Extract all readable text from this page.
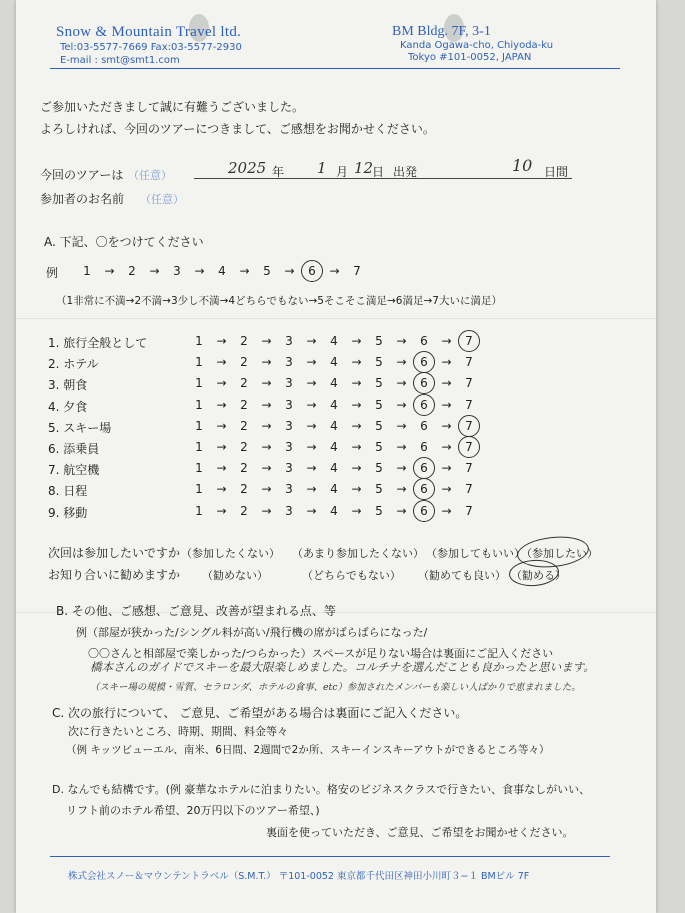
Snow & Mountain Travel ltd.
Tel:03-5577-7669 Fax:03-5577-2930
E-mail : smt@smt1.com
BM Bldg. 7F, 3-1
Kanda Ogawa-cho, Chiyoda-ku
Tokyo #101-0052, JAPAN
ご参加いただきまして誠に有難うございました。
よろしければ、今回のツアーにつきまして、ご感想をお聞かせください。
今回のツアーは （任意）	2025 年 1 月 12
日 出発	10 日間
参加者のお名前 （任意）
A. 下記、〇をつけてください
例 1	→	2	→	3	→	4	→	5	→	6	→	7
（1非常に不満→2不満→3少し不満→4どちらでもない→5そこそこ満足→6満足→7大いに満足）
次回は参加したいですか （参加したくない） （あまり参加したくない） （参加してもいい）
（参加したい）
お知り合いに勧めますか （勧めない）	（どちらでもない） （勧めても良い） （勧める）
B. その他、ご感想、ご意見、改善が望まれる点、等
例（部屋が狭かった/シングル料が高い/飛行機の席がばらばらになった/
〇〇さんと相部屋で楽しかった/つらかった）スペースが足りない場合は裏面にご記入ください
橋本さんのガイドでスキーを最大限楽しめました。コルチナを選んだことも良かったと思います。
（スキー場の規模・雪質、セラロンダ、ホテルの食事、etc）参加されたメンバーも楽しい人ばかりで恵まれました。
C. 次の旅行について、 ご意見、ご希望がある場合は裏面にご記入ください。
次に行きたいところ、時期、期間、料金等々
（例 キッツビューエル、南米、6日間、2週間で2か所、スキーインスキーアウトができるところ等々）
D. なんでも結構です。(例 豪華なホテルに泊まりたい。格安のビジネスクラスで行きたい、食事なしがいい、
リフト前のホテル希望、20万円以下のツアー希望、)
裏面を使っていただき、ご意見、ご希望をお聞かせください。
株式会社スノー＆マウンテントラベル（S.M.T.） 〒101-0052 東京都千代田区神田小川町３−１ BMビル 7F
1. 旅行全般として	1	→	2	→	3	→	4	→	5	→	6	→	7
2. ホテル	1	→	2	→	3	→	4	→	5	→	6	→	7
3. 朝食	1	→	2	→	3	→	4	→	5	→	6	→	7
4. 夕食	1	→	2	→	3	→	4	→	5	→	6	→	7
5. スキー場	1	→	2	→	3	→	4	→	5	→	6	→	7
6. 添乗員	1	→	2	→	3	→	4	→	5	→	6	→	7
7. 航空機	1	→	2	→	3	→	4	→	5	→	6	→	7
8. 日程	1	→	2	→	3	→	4	→	5	→	6	→	7
9. 移動	1	→	2	→	3	→	4	→	5	→	6	→	7
